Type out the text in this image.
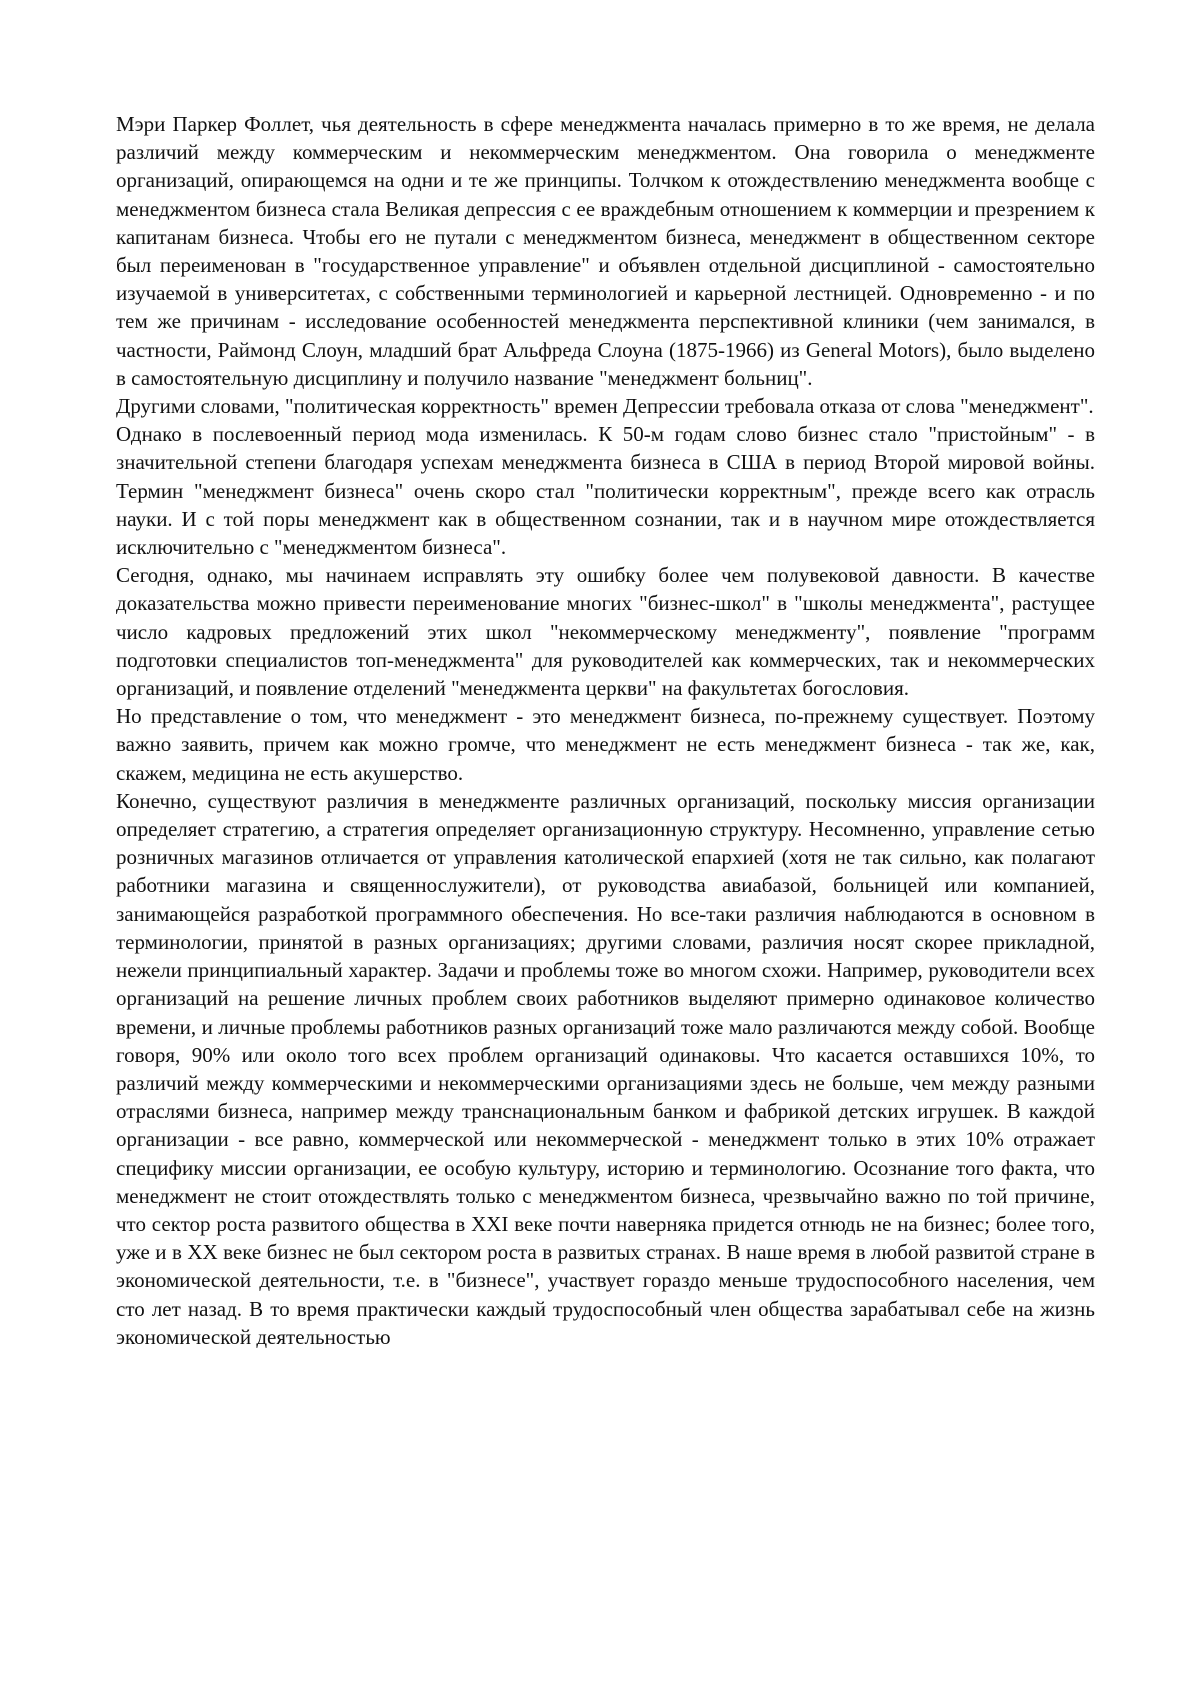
Мэри Паркер Фоллет, чья деятельность в сфере менеджмента началась примерно в то же время, не делала различий между коммерческим и некоммерческим менеджментом. Она говорила о менеджменте организаций, опирающемся на одни и те же принципы. Толчком к отождествлению менеджмента вообще с менеджментом бизнеса стала Великая депрессия с ее враждебным отношением к коммерции и презрением к капитанам бизнеса. Чтобы его не путали с менеджментом бизнеса, менеджмент в общественном секторе был переименован в "государственное управление" и объявлен отдельной дисциплиной - самостоятельно изучаемой в университетах, с собственными терминологией и карьерной лестницей. Одновременно - и по тем же причинам - исследование особенностей менеджмента перспективной клиники (чем занимался, в частности, Раймонд Слоун, младший брат Альфреда Слоуна (1875-1966) из General Motors), было выделено в самостоятельную дисциплину и получило название "менеджмент больниц".

Другими словами, "политическая корректность" времен Депрессии требовала отказа от слова "менеджмент".

Однако в послевоенный период мода изменилась. К 50-м годам слово бизнес стало "пристойным" - в значительной степени благодаря успехам менеджмента бизнеса в США в период Второй мировой войны. Термин "менеджмент бизнеса" очень скоро стал "политически корректным", прежде всего как отрасль науки. И с той поры менеджмент как в общественном сознании, так и в научном мире отождествляется исключительно с "менеджментом бизнеса".

Сегодня, однако, мы начинаем исправлять эту ошибку более чем полувековой давности. В качестве доказательства можно привести переименование многих "бизнес-школ" в "школы менеджмента", растущее число кадровых предложений этих школ "некоммерческому менеджменту", появление "программ подготовки специалистов топ-менеджмента" для руководителей как коммерческих, так и некоммерческих организаций, и появление отделений "менеджмента церкви" на факультетах богословия.

Но представление о том, что менеджмент - это менеджмент бизнеса, по-прежнему существует. Поэтому важно заявить, причем как можно громче, что менеджмент не есть менеджмент бизнеса - так же, как, скажем, медицина не есть акушерство.

Конечно, существуют различия в менеджменте различных организаций, поскольку миссия организации определяет стратегию, а стратегия определяет организационную структуру. Несомненно, управление сетью розничных магазинов отличается от управления католической епархией (хотя не так сильно, как полагают работники магазина и священнослужители), от руководства авиабазой, больницей или компанией, занимающейся разработкой программного обеспечения. Но все-таки различия наблюдаются в основном в терминологии, принятой в разных организациях; другими словами, различия носят скорее прикладной, нежели принципиальный характер. Задачи и проблемы тоже во многом схожи. Например, руководители всех организаций на решение личных проблем своих работников выделяют примерно одинаковое количество времени, и личные проблемы работников разных организаций тоже мало различаются между собой. Вообще говоря, 90% или около того всех проблем организаций одинаковы. Что касается оставшихся 10%, то различий между коммерческими и некоммерческими организациями здесь не больше, чем между разными отраслями бизнеса, например между транснациональным банком и фабрикой детских игрушек. В каждой организации - все равно, коммерческой или некоммерческой - менеджмент только в этих 10% отражает специфику миссии организации, ее особую культуру, историю и терминологию. Осознание того факта, что менеджмент не стоит отождествлять только с менеджментом бизнеса, чрезвычайно важно по той причине, что сектор роста развитого общества в XXI веке почти наверняка придется отнюдь не на бизнес; более того, уже и в XX веке бизнес не был сектором роста в развитых странах. В наше время в любой развитой стране в экономической деятельности, т.е. в "бизнесе", участвует гораздо меньше трудоспособного населения, чем сто лет назад. В то время практически каждый трудоспособный член общества зарабатывал себе на жизнь экономической деятельностью
